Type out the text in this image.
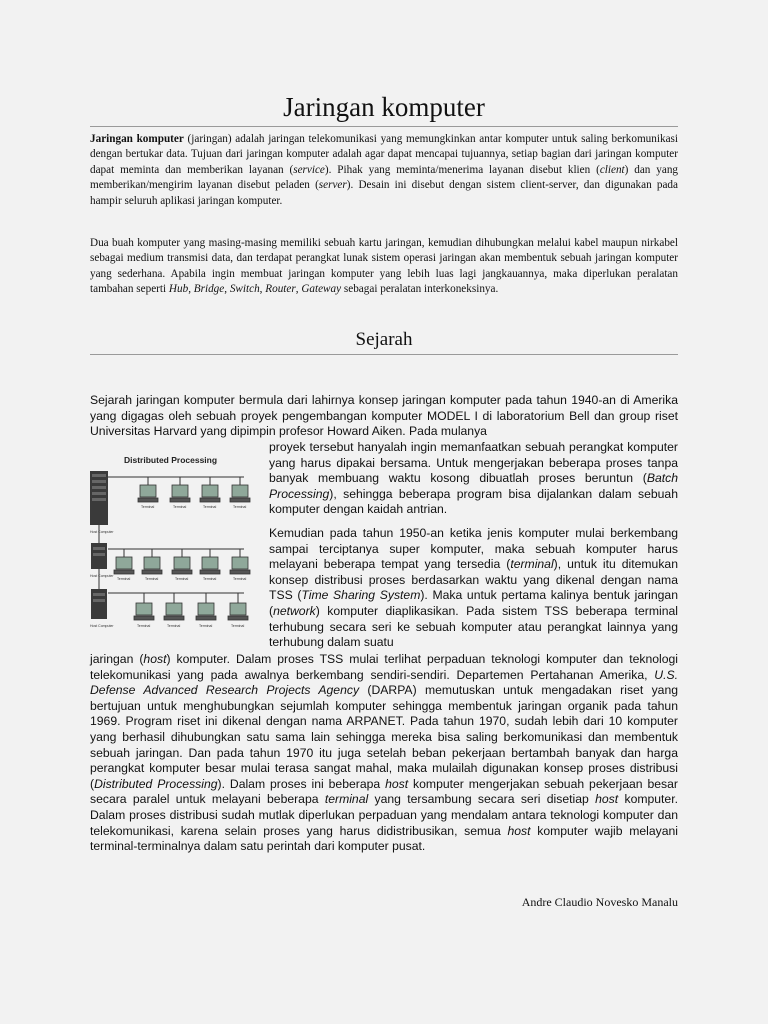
Jaringan komputer

Jaringan komputer (jaringan) adalah jaringan telekomunikasi yang memungkinkan antar komputer untuk saling berkomunikasi dengan bertukar data. Tujuan dari jaringan komputer adalah agar dapat mencapai tujuannya, setiap bagian dari jaringan komputer dapat meminta dan memberikan layanan (service). Pihak yang meminta/menerima layanan disebut klien (client) dan yang memberikan/mengirim layanan disebut peladen (server). Desain ini disebut dengan sistem client-server, dan digunakan pada hampir seluruh aplikasi jaringan komputer.

Dua buah komputer yang masing-masing memiliki sebuah kartu jaringan, kemudian dihubungkan melalui kabel maupun nirkabel sebagai medium transmisi data, dan terdapat perangkat lunak sistem operasi jaringan akan membentuk sebuah jaringan komputer yang sederhana. Apabila ingin membuat jaringan komputer yang lebih luas lagi jangkauannya, maka diperlukan peralatan tambahan seperti Hub, Bridge, Switch, Router, Gateway sebagai peralatan interkoneksinya.

Sejarah

Sejarah jaringan komputer bermula dari lahirnya konsep jaringan komputer pada tahun 1940-an di Amerika yang digagas oleh sebuah proyek pengembangan komputer MODEL I di laboratorium Bell dan group riset Universitas Harvard yang dipimpin profesor Howard Aiken. Pada mulanya

Distributed Processing
Terminal	Terminal	Terminal	Terminal
Host Computer
Terminal	Terminal	Terminal	Terminal	Terminal
Host Computer
Terminal	Terminal	Terminal	Terminal
Host Computer

proyek tersebut hanyalah ingin memanfaatkan sebuah perangkat komputer yang harus dipakai bersama. Untuk mengerjakan beberapa proses tanpa banyak membuang waktu kosong dibuatlah proses beruntun (Batch Processing), sehingga beberapa program bisa dijalankan dalam sebuah komputer dengan kaidah antrian.

Kemudian pada tahun 1950-an ketika jenis komputer mulai berkembang sampai terciptanya super komputer, maka sebuah komputer harus melayani beberapa tempat yang tersedia (terminal), untuk itu ditemukan konsep distribusi proses berdasarkan waktu yang dikenal dengan nama TSS (Time Sharing System). Maka untuk pertama kalinya bentuk jaringan (network) komputer diaplikasikan. Pada sistem TSS beberapa terminal terhubung secara seri ke sebuah komputer atau perangkat lainnya yang terhubung dalam suatu

jaringan (host) komputer. Dalam proses TSS mulai terlihat perpaduan teknologi komputer dan teknologi telekomunikasi yang pada awalnya berkembang sendiri-sendiri. Departemen Pertahanan Amerika, U.S. Defense Advanced Research Projects Agency (DARPA) memutuskan untuk mengadakan riset yang bertujuan untuk menghubungkan sejumlah komputer sehingga membentuk jaringan organik pada tahun 1969. Program riset ini dikenal dengan nama ARPANET. Pada tahun 1970, sudah lebih dari 10 komputer yang berhasil dihubungkan satu sama lain sehingga mereka bisa saling berkomunikasi dan membentuk sebuah jaringan. Dan pada tahun 1970 itu juga setelah beban pekerjaan bertambah banyak dan harga perangkat komputer besar mulai terasa sangat mahal, maka mulailah digunakan konsep proses distribusi (Distributed Processing). Dalam proses ini beberapa host komputer mengerjakan sebuah pekerjaan besar secara paralel untuk melayani beberapa terminal yang tersambung secara seri disetiap host komputer. Dalam proses distribusi sudah mutlak diperlukan perpaduan yang mendalam antara teknologi komputer dan telekomunikasi, karena selain proses yang harus didistribusikan, semua host komputer wajib melayani terminal-terminalnya dalam satu perintah dari komputer pusat.

Andre Claudio Novesko Manalu
